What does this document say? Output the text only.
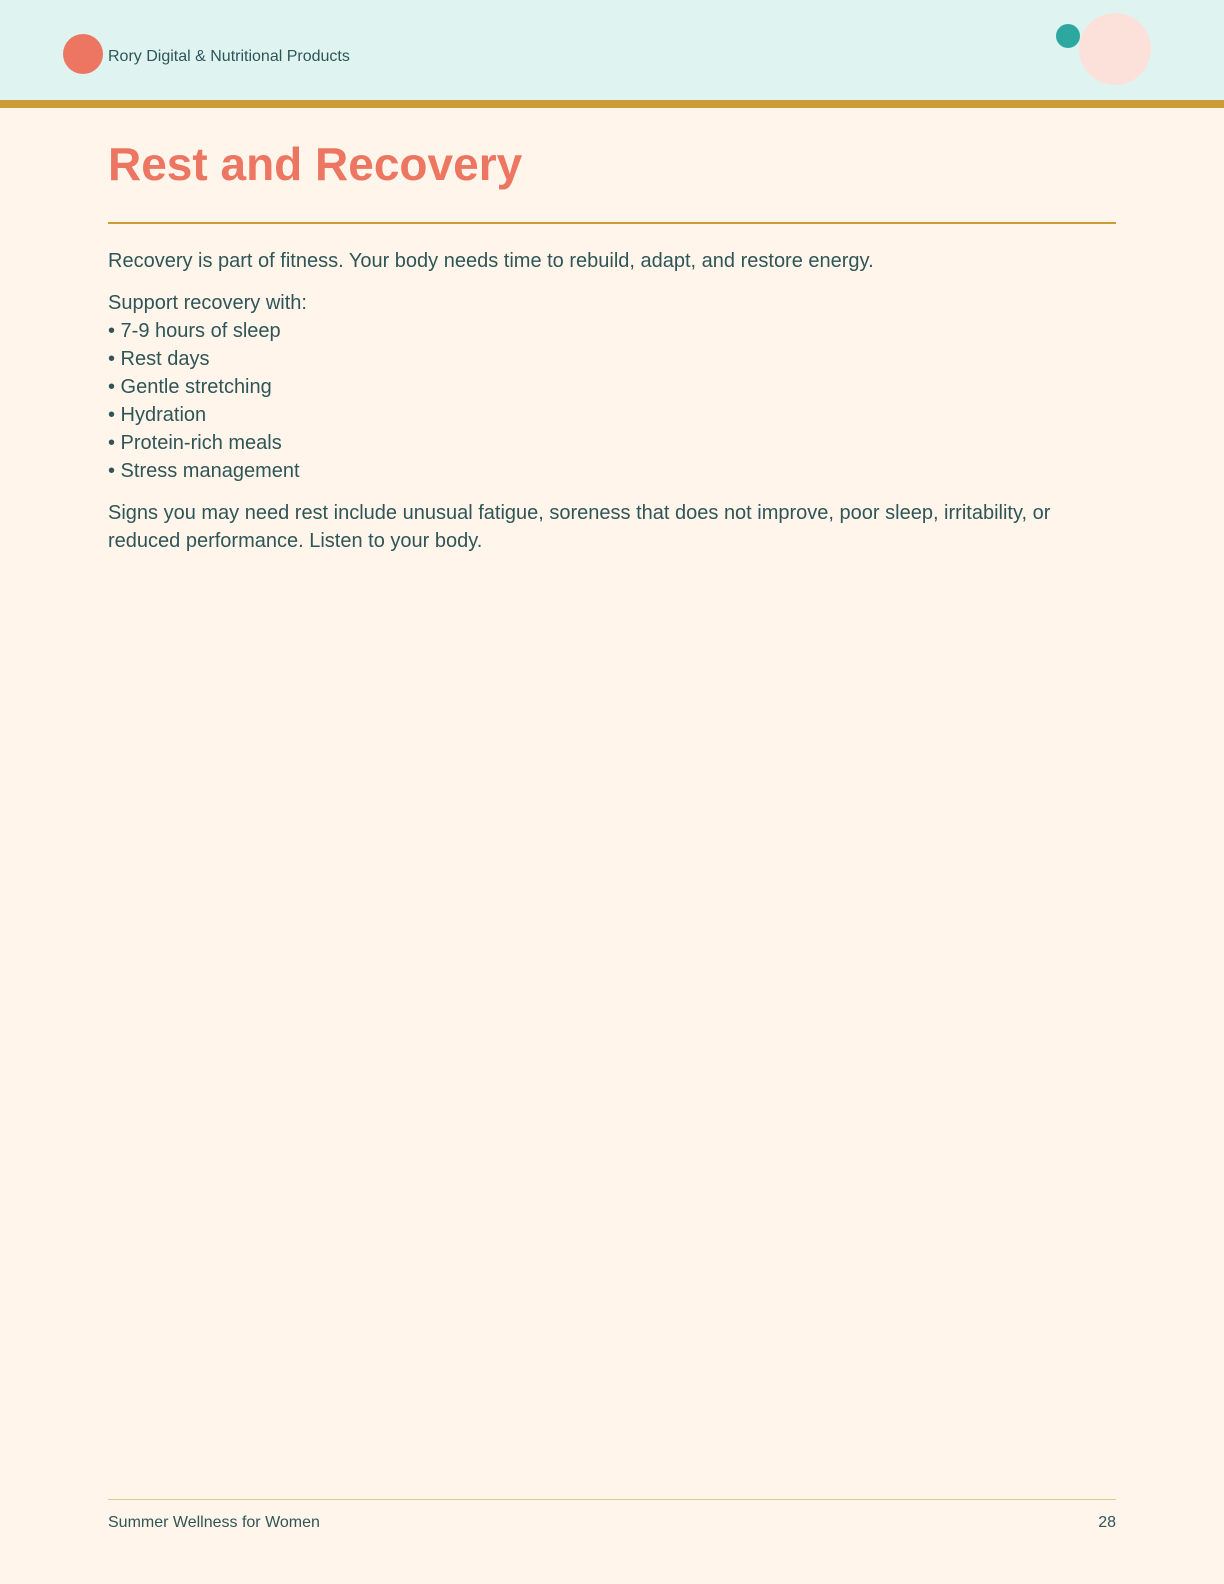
Rory Digital & Nutritional Products
Rest and Recovery

Recovery is part of fitness. Your body needs time to rebuild, adapt, and restore energy.

Support recovery with:

• 7-9 hours of sleep
• Rest days
• Gentle stretching
• Hydration
• Protein-rich meals
• Stress management

Signs you may need rest include unusual fatigue, soreness that does not improve, poor sleep, irritability, or reduced performance. Listen to your body.

Summer Wellness for Women	28
